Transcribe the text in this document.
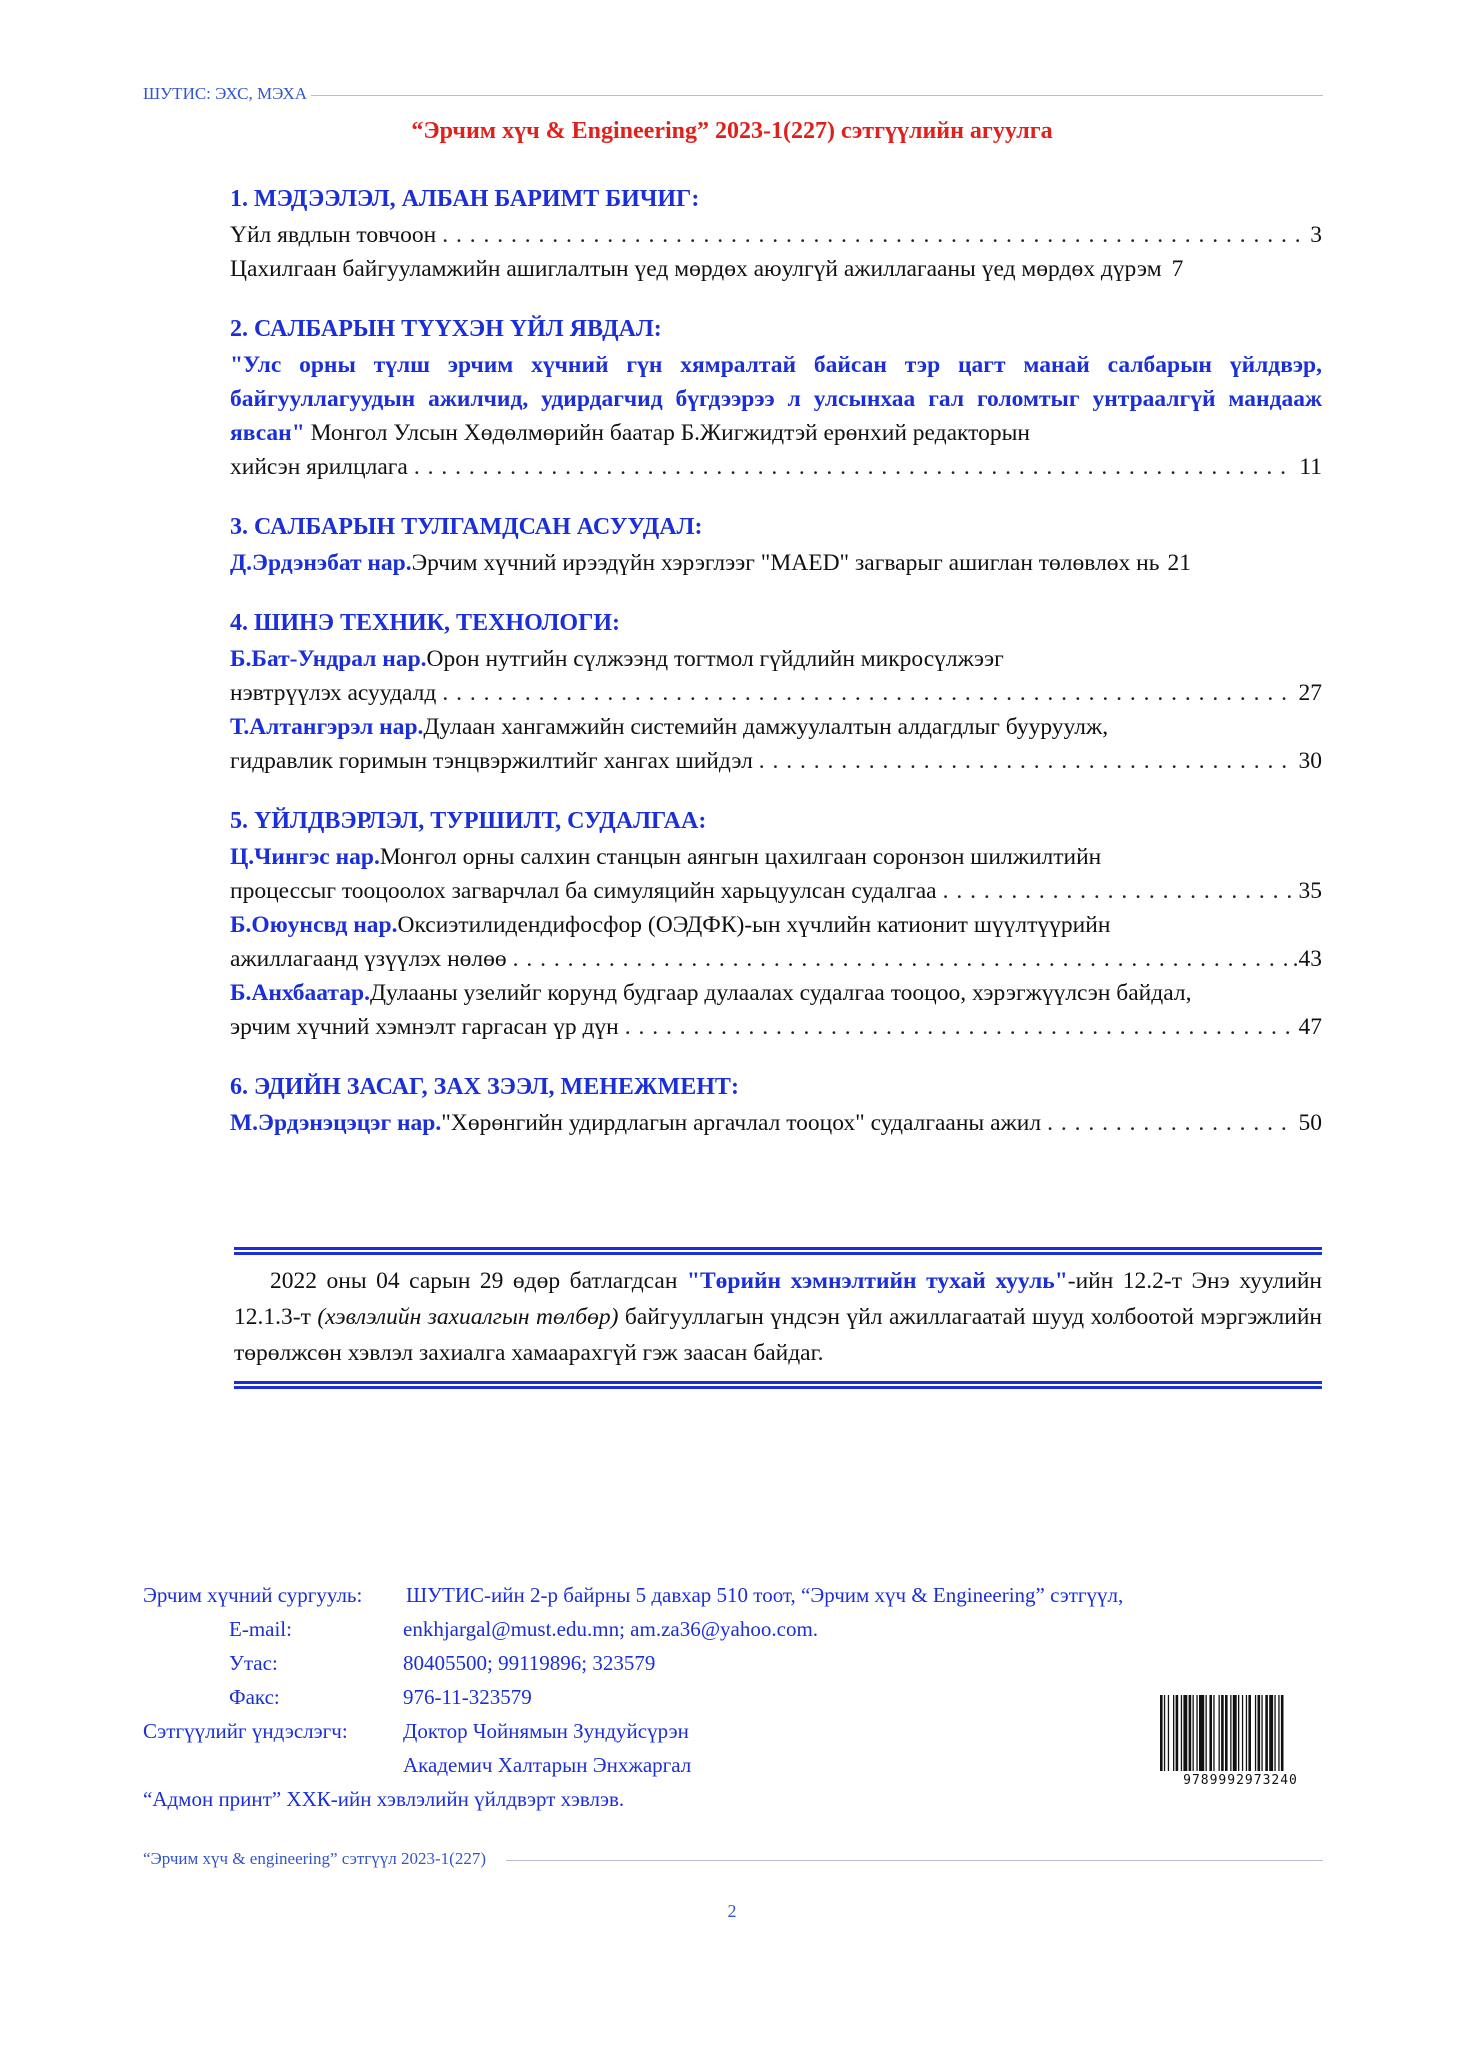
ШУТИС: ЭХС, МЭХА
“Эрчим хүч & Engineering” 2023-1(227) сэтгүүлийн агуулга
1. МЭДЭЭЛЭЛ, АЛБАН БАРИМТ БИЧИГ:
Үйл явдлын товчоон . . .	3
Цахилгаан байгууламжийн ашиглалтын үед мөрдөх аюулгүй ажиллагааны үед мөрдөх дүрэм 7
2. САЛБАРЫН ТҮҮХЭН ҮЙЛ ЯВДАЛ:
"Улс орны түлш эрчим хүчний гүн хямралтай байсан тэр цагт манай салбарын үйлдвэр, байгууллагуудын ажилчид, удирдагчид бүгдээрээ л улсынхаа гал голомтыг унтраалгүй мандааж явсан" Монгол Улсын Хөдөлмөрийн баатар Б.Жигжидтэй ерөнхий редакторын
хийсэн ярилцлага . . .	11
3. САЛБАРЫН ТУЛГАМДСАН АСУУДАЛ:
Д.Эрдэнэбат нар. Эрчим хүчний ирээдүйн хэрэглээг "MAED" загварыг ашиглан төлөвлөх нь 21
4. ШИНЭ ТЕХНИК, ТЕХНОЛОГИ:
Б.Бат-Ундрал нар. Орон нутгийн сүлжээнд тогтмол гүйдлийн микросүлжээг
нэвтрүүлэх асуудалд . . .	27
Т.Алтангэрэл нар. Дулаан хангамжийн системийн дамжуулалтын алдагдлыг бууруулж,
гидравлик горимын тэнцвэржилтийг хангах шийдэл . . .	30
5. ҮЙЛДВЭРЛЭЛ, ТУРШИЛТ, СУДАЛГАА:
Ц.Чингэс нар. Монгол орны салхин станцын аянгын цахилгаан соронзон шилжилтийн
процессыг тооцоолох загварчлал ба симуляцийн харьцуулсан судалгаа . . .	35
Б.Оюунсвд нар. Оксиэтилидендифосфор (ОЭДФК)-ын хүчлийн катионит шүүлтүүрийн
ажиллагаанд үзүүлэх нөлөө . . .	.43
Б.Анхбаатар. Дулааны узелийг корунд будгаар дулаалах судалгаа тооцоо, хэрэгжүүлсэн байдал,
эрчим хүчний хэмнэлт гаргасан үр дүн . . .	47
6. ЭДИЙН ЗАСАГ, ЗАХ ЗЭЭЛ, МЕНЕЖМЕНТ:
М.Эрдэнэцэцэг нар. "Хөрөнгийн удирдлагын аргачлал тооцох" судалгааны ажил . . .	50
2022 оны 04 сарын 29 өдөр батлагдсан "Төрийн хэмнэлтийн тухай хууль"-ийн 12.2-т Энэ хуулийн 12.1.3-т (хэвлэлийн захиалгын төлбөр) байгууллагын үндсэн үйл ажиллагаатай шууд холбоотой мэргэжлийн төрөлжсөн хэвлэл захиалга хамаарахгүй гэж заасан байдаг.
Эрчим хүчний сургууль:	ШУТИС-ийн 2-р байрны 5 давхар 510 тоот, “Эрчим хүч & Engineering” сэтгүүл,
E-mail:	enkhjargal@must.edu.mn; am.za36@yahoo.com.
Утас:	80405500; 99119896; 323579
Факс:	976-11-323579
Сэтгүүлийг үндэслэгч:	Доктор Чойнямын Зундуйсүрэн
Академич Халтарын Энхжаргал
“Адмон принт” ХХК-ийн хэвлэлийн үйлдвэрт хэвлэв.
9789992973240
“Эрчим хүч & engineering” сэтгүүл 2023-1(227)
2
